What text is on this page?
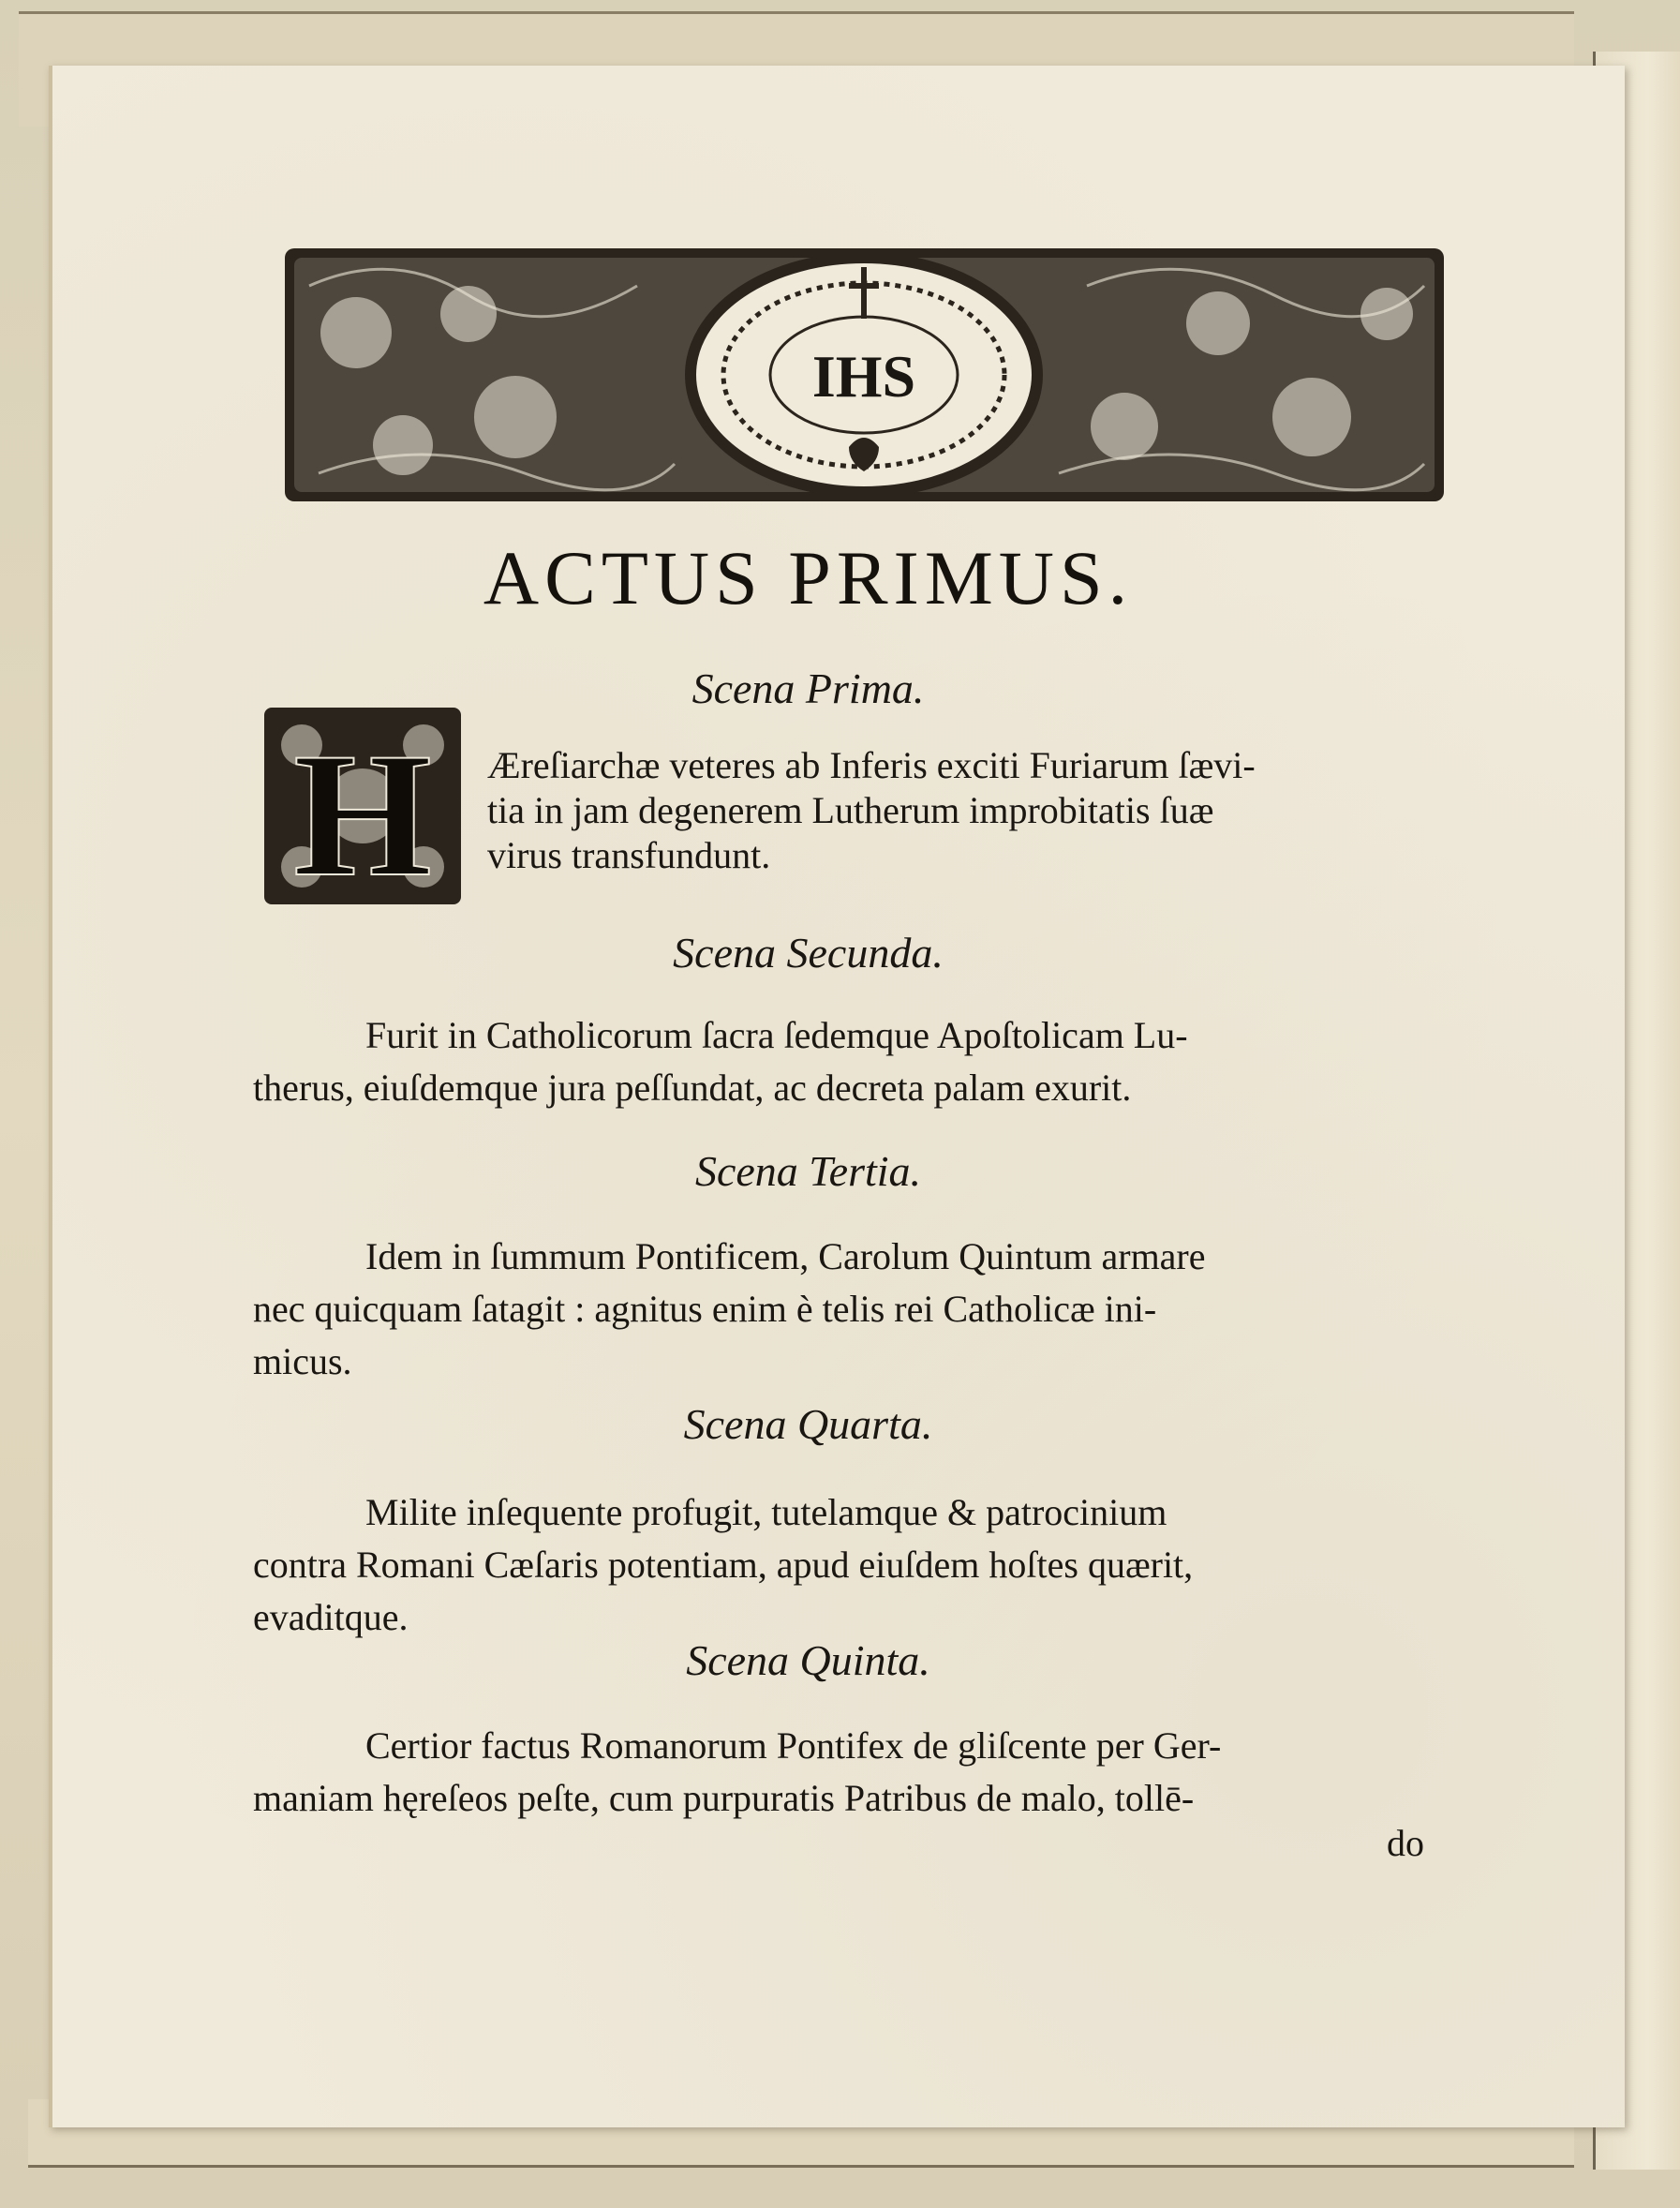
IHS
ACTUS PRIMUS.
Scena Prima.
H Æreſiarchæ veteres ab Inferis exciti Furiarum ſævi-
tia in jam degenerem Lutherum improbitatis ſuæ
virus transfundunt.
Scena Secunda.
Furit in Catholicorum ſacra ſedemque Apoſtolicam Lu-
therus, eiuſdemque jura peſſundat, ac decreta palam exurit.
Scena Tertia.
Idem in ſummum Pontificem, Carolum Quintum armare
nec quicquam ſatagit : agnitus enim è telis rei Catholicæ ini-
micus.
Scena Quarta.
Milite inſequente profugit, tutelamque & patrocinium
contra Romani Cæſaris potentiam, apud eiuſdem hoſtes quærit,
evaditque.
Scena Quinta.
Certior factus Romanorum Pontifex de gliſcente per Ger-
maniam hęreſeos peſte, cum purpuratis Patribus de malo, tollē-
do
